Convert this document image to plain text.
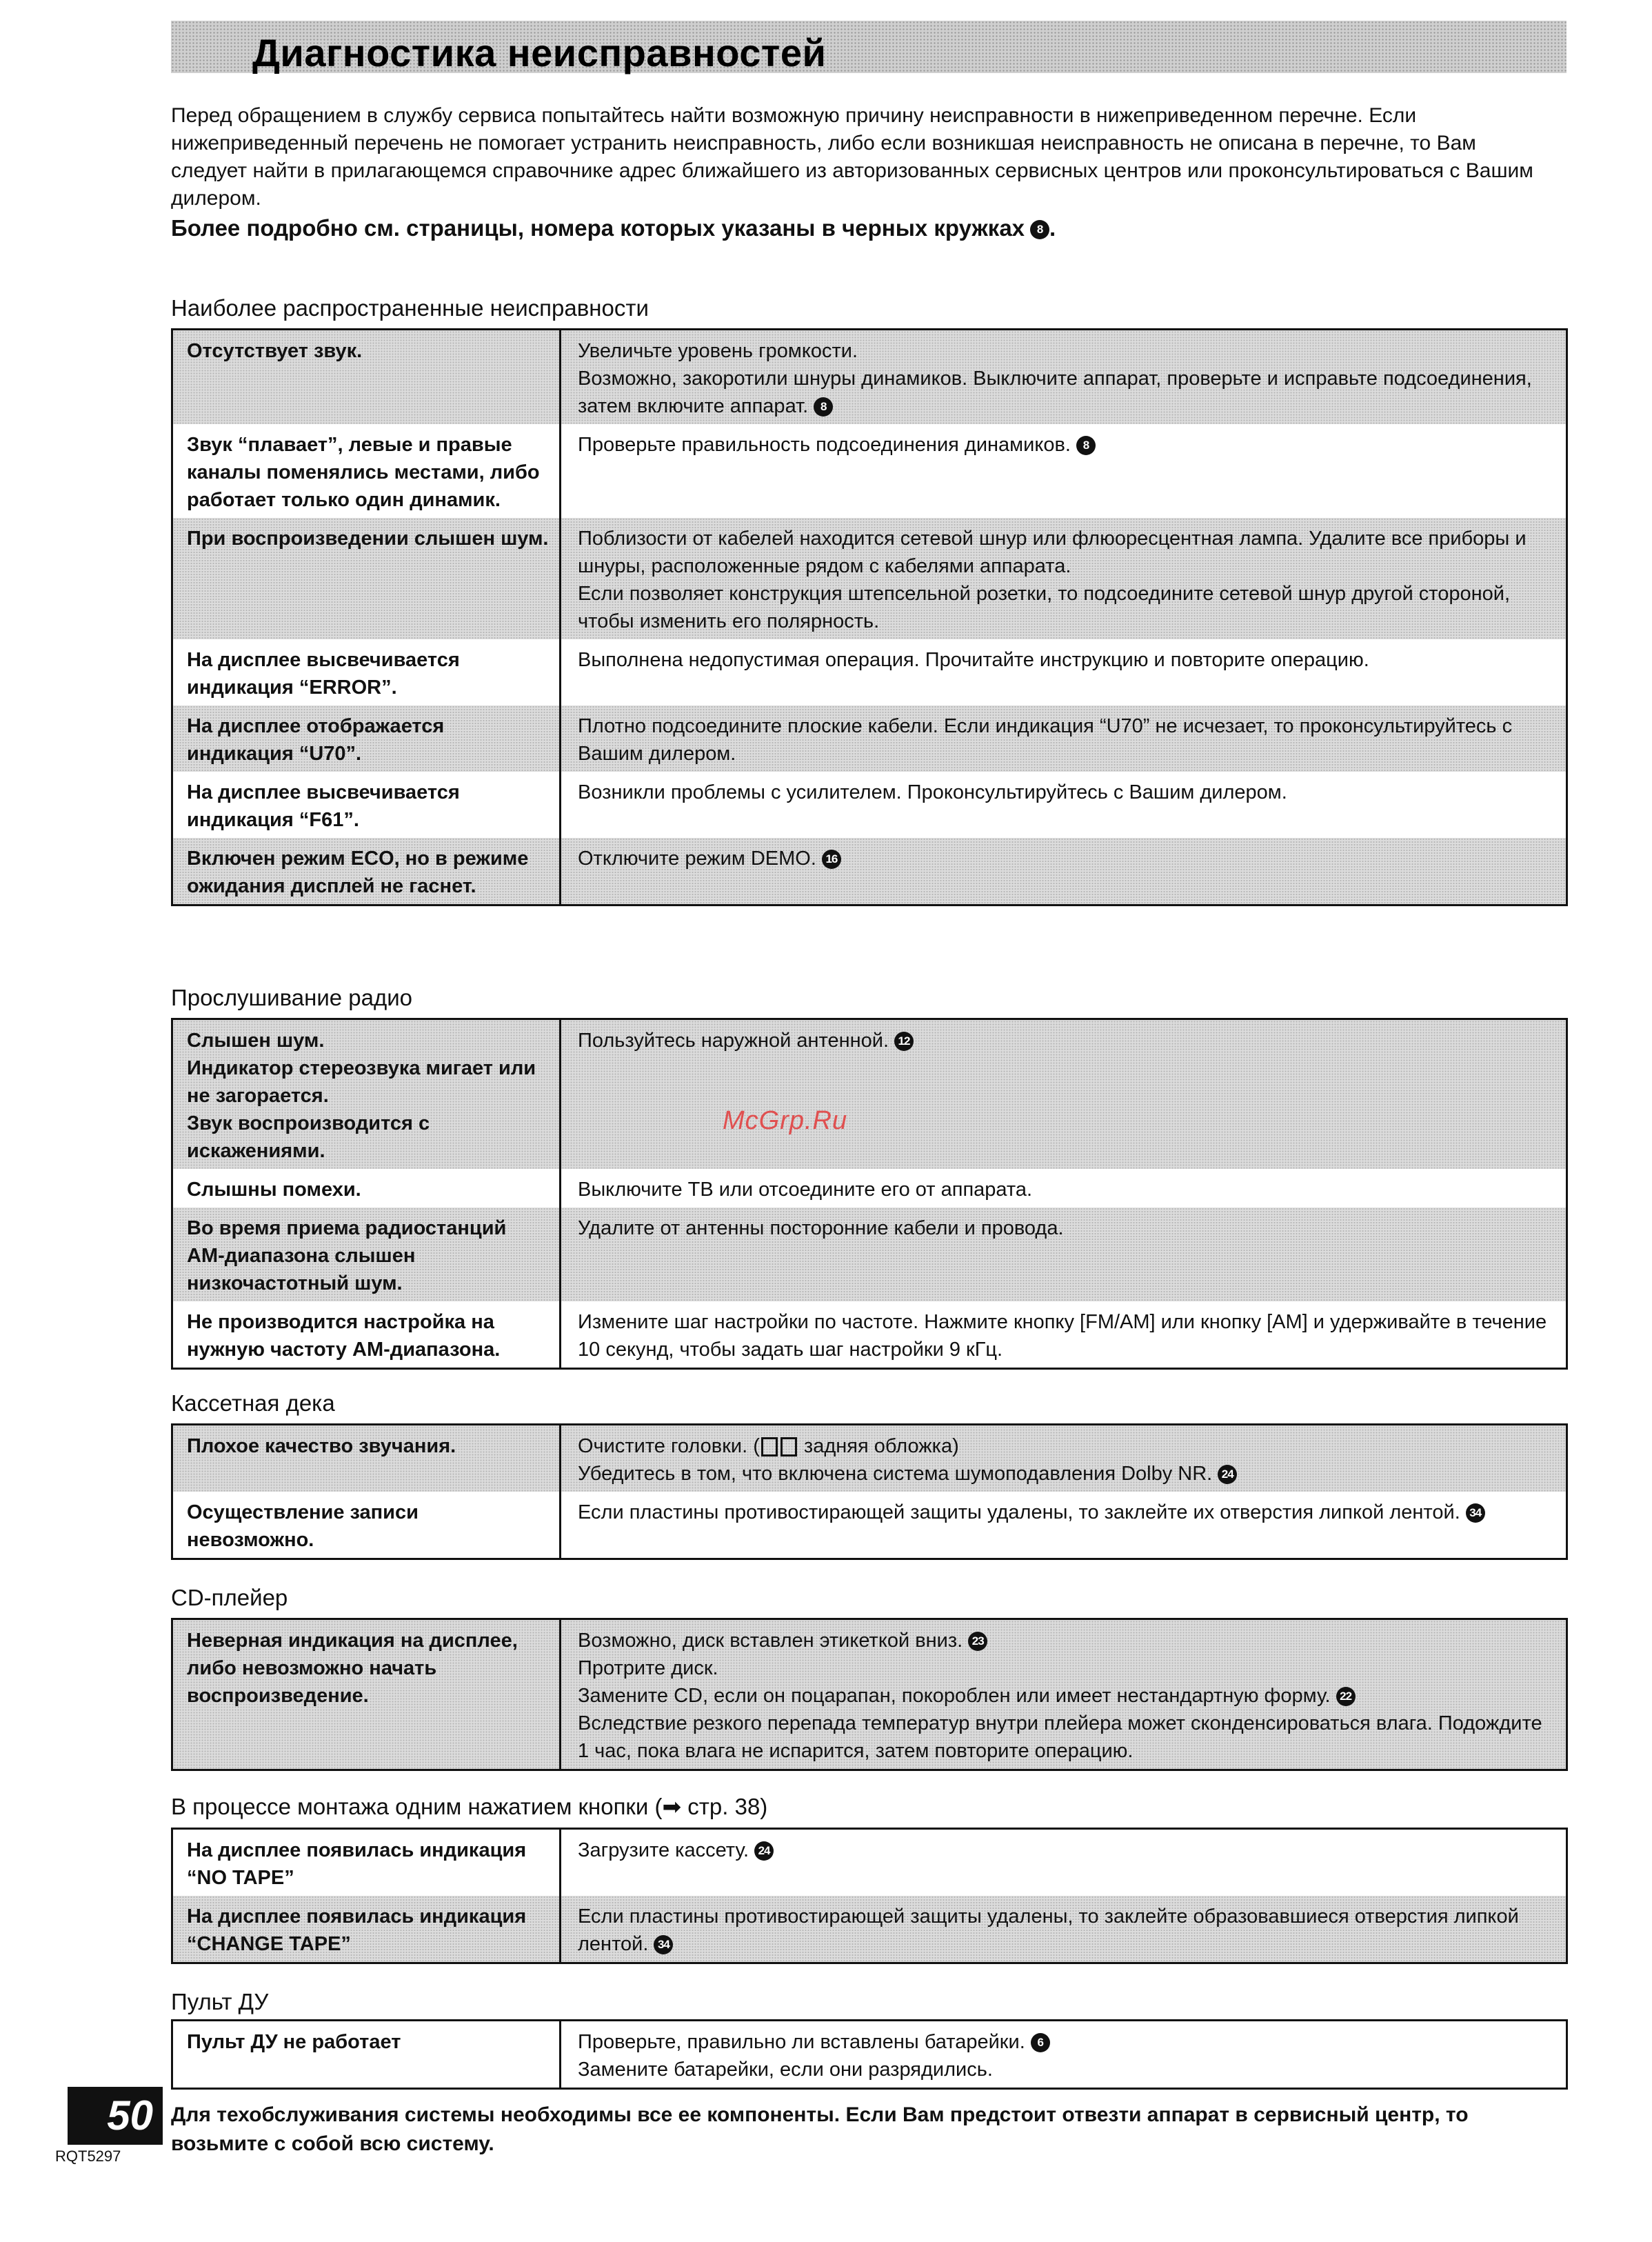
Диагностика неисправностей

Перед обращением в службу сервиса попытайтесь найти возможную причину неисправности в нижеприведенном перечне. Если нижеприведенный перечень не помогает устранить неисправность, либо если возникшая неисправность не описана в перечне, то Вам следует найти в прилагающемся справочнике адрес ближайшего из авторизованных сервисных центров или проконсультироваться с Вашим дилером.

Более подробно см. страницы, номера которых указаны в черных кружках 8 .

Наиболее распространенные неисправности
Отсутствует звук.	Увеличьте уровень громкости.
Возможно, закоротили шнуры динамиков. Выключите аппарат, проверьте и исправьте подсоединения, затем включите аппарат. 8

Звук “плавает”, левые и правые каналы поменялись местами, либо работает только один динамик.	Проверьте правильность подсоединения динамиков. 8

При воспроизведении слышен шум.	Поблизости от кабелей находится сетевой шнур или флюоресцентная лампа. Удалите все приборы и шнуры, расположенные рядом с кабелями аппарата.
Если позволяет конструкция штепсельной розетки, то подсоедините сетевой шнур другой стороной, чтобы изменить его полярность.

На дисплее высвечивается индикация “ERROR”.	Выполнена недопустимая операция. Прочитайте инструкцию и повторите операцию.

На дисплее отображается индикация “U70”.	Плотно подсоедините плоские кабели. Если индикация “U70” не исчезает, то проконсультируйтесь с Вашим дилером.

На дисплее высвечивается индикация “F61”.	Возникли проблемы с усилителем. Проконсультируйтесь с Вашим дилером.

Включен режим ECO, но в режиме ожидания дисплей не гаснет.	Отключите режим DEMO. 16
Прослушивание радио
Слышен шум.
Индикатор стереозвука мигает или не загорается.
Звук воспроизводится с искажениями.	Пользуйтесь наружной антенной. 12

Слышны помехи.	Выключите ТВ или отсоедините его от аппарата.

Во время приема радиостанций AM-диапазона слышен низкочастотный шум.	Удалите от антенны посторонние кабели и провода.

Не производится настройка на нужную частоту AM-диапазона.	Измените шаг настройки по частоте. Нажмите кнопку [FM/AM] или кнопку [AM] и удерживайте в течение 10 секунд, чтобы задать шаг настройки 9 кГц.
Кассетная дека
Плохое качество звучания.	Очистите головки. ( задняя обложка)
Убедитесь в том, что включена система шумоподавления Dolby NR. 24

Осуществление записи невозможно.	Если пластины противостирающей защиты удалены, то заклейте их отверстия липкой лентой. 34
CD-плейер
Неверная индикация на дисплее, либо невозможно начать воспроизведение.

Возможно, диск вставлен этикеткой вниз. 23
Протрите диск.
Замените CD, если он поцарапан, покороблен или имеет нестандартную форму. 22
Вследствие резкого перепада температур внутри плейера может сконденсироваться влага. Подождите 1 час, пока влага не испарится, затем повторите операцию.
В процессе монтажа одним нажатием кнопки (➡ стр. 38)
На дисплее появилась индикация “NO TAPE”	Загрузите кассету. 24

На дисплее появилась индикация “CHANGE TAPE”	Если пластины противостирающей защиты удалены, то заклейте образовавшиеся отверстия липкой лентой. 34
Пульт ДУ
Пульт ДУ не работает	Проверьте, правильно ли вставлены батарейки. 6
Замените батарейки, если они разрядились.
McGrp.Ru
50
RQT5297

Для техобслуживания системы необходимы все ее компоненты. Если Вам предстоит отвезти аппарат в сервисный центр, то возьмите с собой всю систему.
